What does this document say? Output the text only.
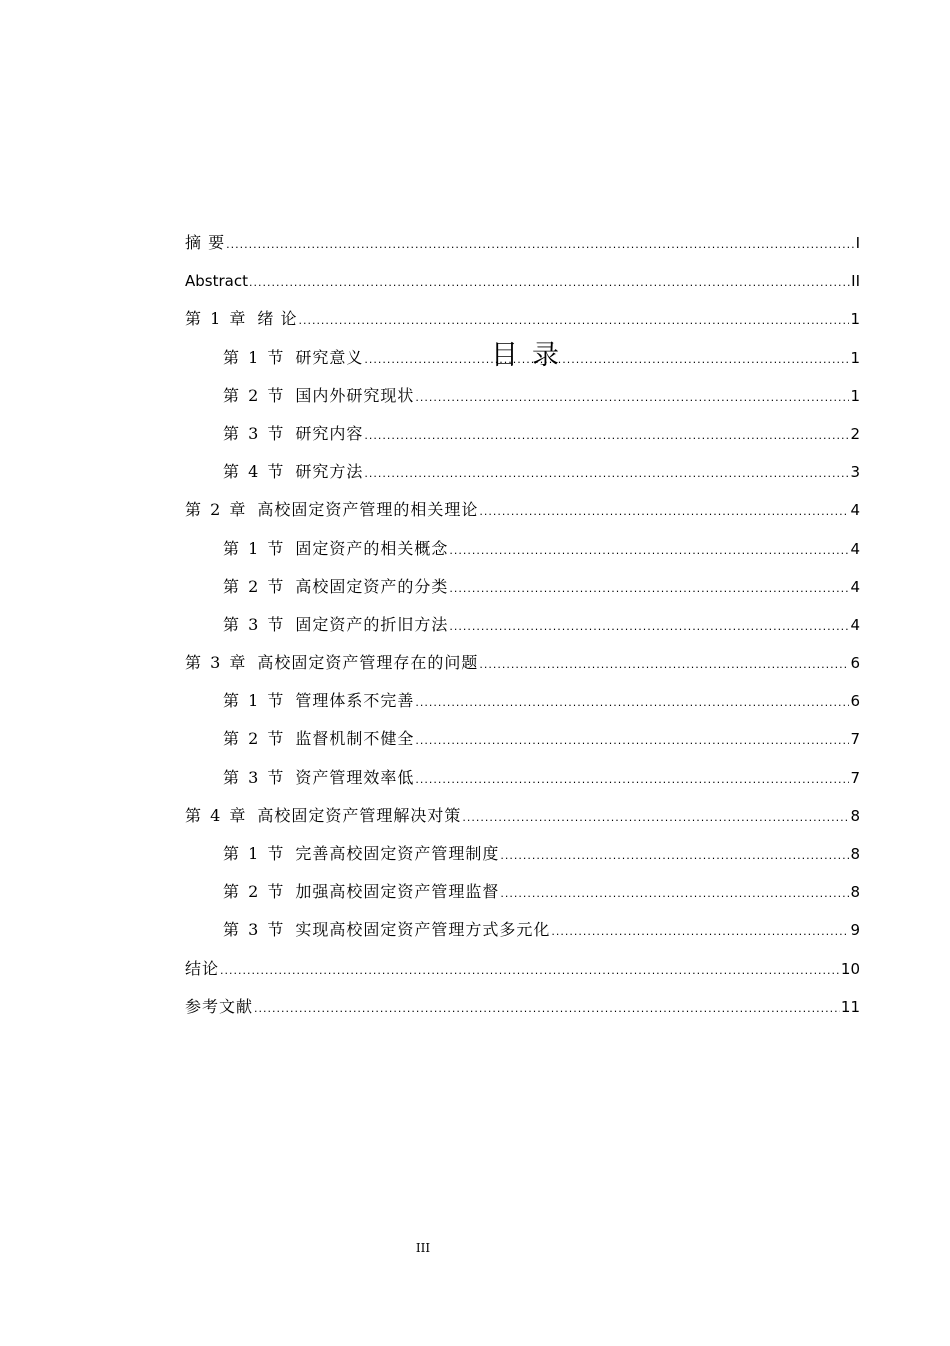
目录
摘 要 .....	I
Abstract .....	II
第 1 章 绪 论 .....	1
第 1 节 研究意义 .....	1
第 2 节 国内外研究现状 .....	1
第 3 节 研究内容 .....	2
第 4 节 研究方法 .....	3
第 2 章 高校固定资产管理的相关理论 .....	4
第 1 节 固定资产的相关概念 .....	4
第 2 节 高校固定资产的分类 .....	4
第 3 节 固定资产的折旧方法 .....	4
第 3 章 高校固定资产管理存在的问题 .....	6
第 1 节 管理体系不完善 .....	6
第 2 节 监督机制不健全 .....	7
第 3 节 资产管理效率低 .....	7
第 4 章 高校固定资产管理解决对策 .....	8
第 1 节 完善高校固定资产管理制度 .....	8
第 2 节 加强高校固定资产管理监督 .....	8
第 3 节 实现高校固定资产管理方式多元化 .....	9
结论 .....	10
参考文献 .....	11
III
